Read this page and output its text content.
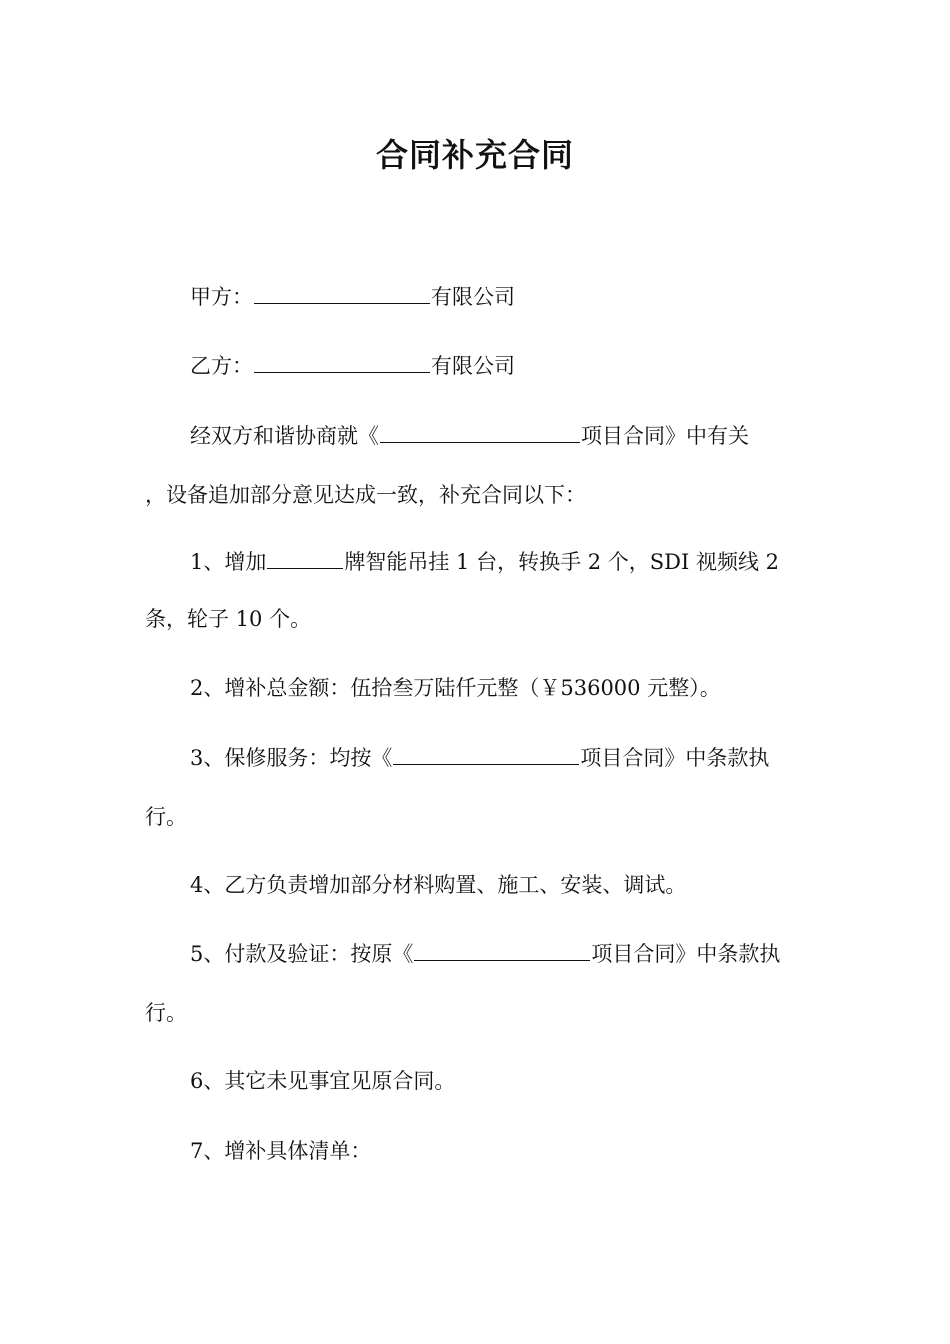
合同补充合同
甲方：	有限公司
乙方：	有限公司
经双方和谐协商就《	项目合同》中有关
，设备追加部分意见达成一致，补充合同以下：
1、增加	牌智能吊挂 1 台，转换手 2 个，SDI 视频线 2
条，轮子 10 个。
2、增补总金额：伍拾叁万陆仟元整（￥536000 元整）。
3、保修服务：均按《	项目合同》中条款执
行。
4、乙方负责增加部分材料购置、施工、安装、调试。
5、付款及验证：按原《	项目合同》中条款执
行。
6、其它未见事宜见原合同。
7、增补具体清单：
